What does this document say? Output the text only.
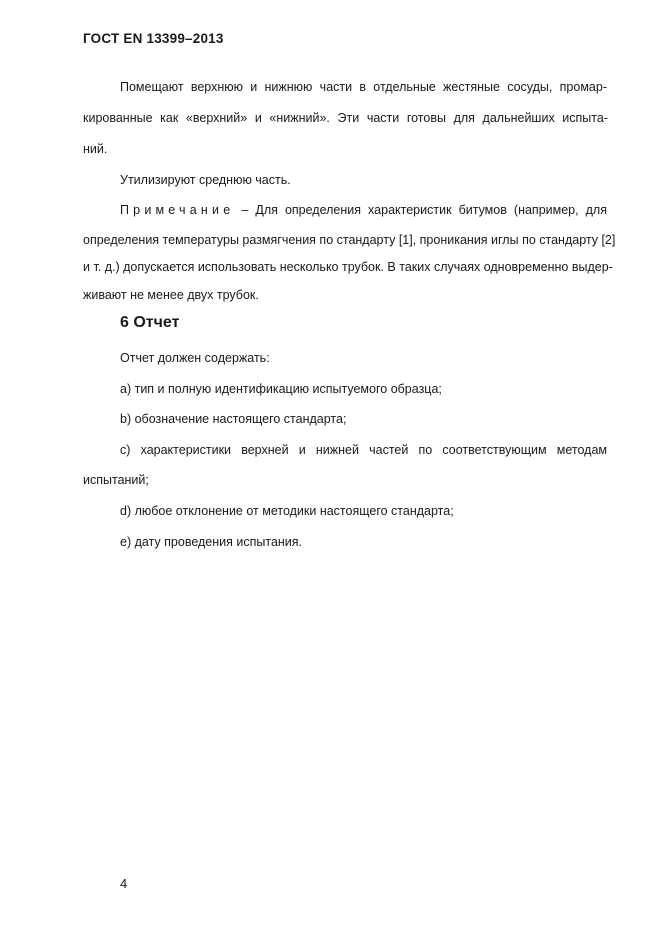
ГОСТ EN 13399–2013
Помещают верхнюю и нижнюю части в отдельные жестяные сосуды, промар-
кированные как «верхний» и «нижний». Эти части готовы для дальнейших испыта-
ний.
Утилизируют среднюю часть.
Примечание – Для определения характеристик битумов (например, для
определения температуры размягчения по стандарту [1], проникания иглы по стандарту [2]
и т. д.) допускается использовать несколько трубок. В таких случаях одновременно выдер-
живают не менее двух трубок.
6 Отчет
Отчет должен содержать:
a) тип и полную идентификацию испытуемого образца;
b) обозначение настоящего стандарта;
c) характеристики верхней и нижней частей по соответствующим методам
испытаний;
d) любое отклонение от методики настоящего стандарта;
e) дату проведения испытания.
4
